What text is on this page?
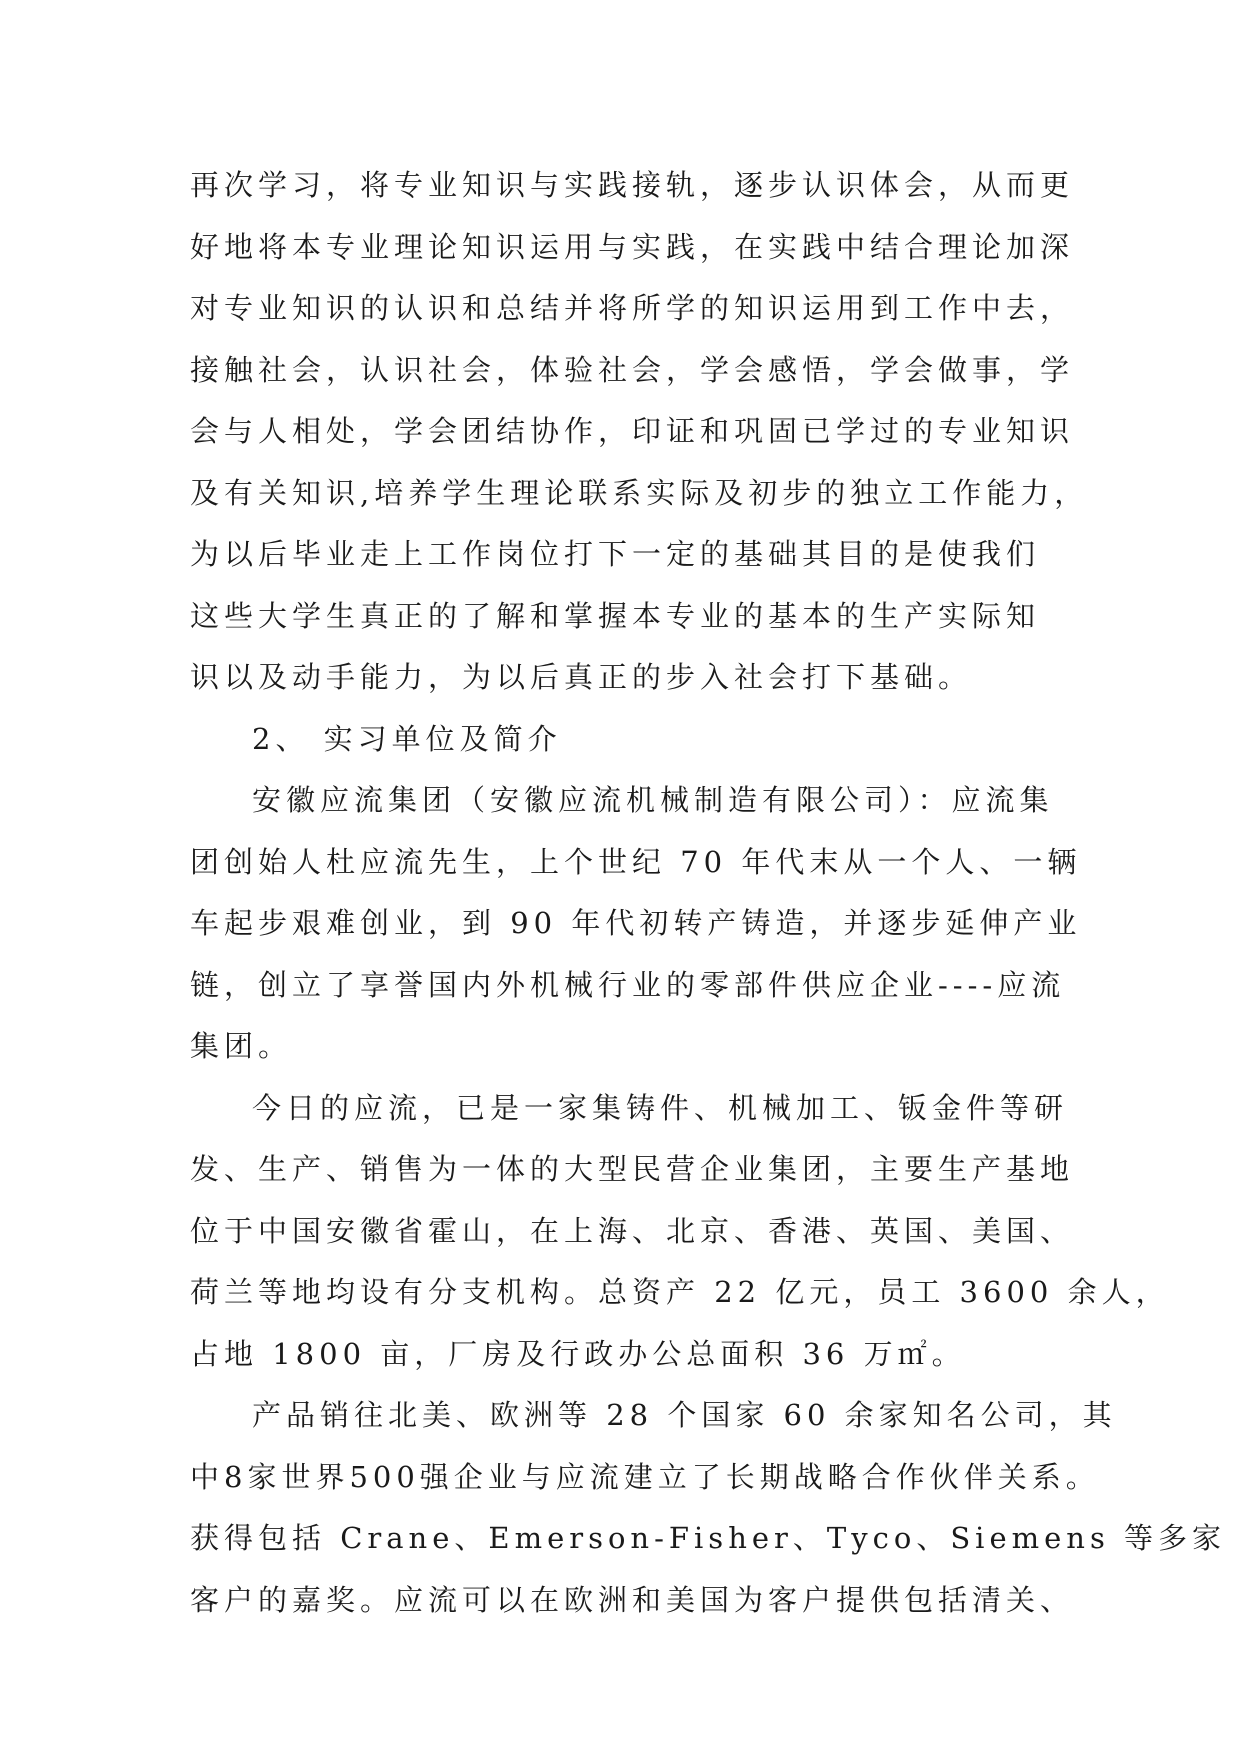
再次学习，将专业知识与实践接轨，逐步认识体会，从而更
好地将本专业理论知识运用与实践，在实践中结合理论加深
对专业知识的认识和总结并将所学的知识运用到工作中去，
接触社会，认识社会，体验社会，学会感悟，学会做事，学
会与人相处，学会团结协作，印证和巩固已学过的专业知识
及有关知识,培养学生理论联系实际及初步的独立工作能力，
为以后毕业走上工作岗位打下一定的基础其目的是使我们
这些大学生真正的了解和掌握本专业的基本的生产实际知
识以及动手能力，为以后真正的步入社会打下基础。
2、 实习单位及简介
安徽应流集团（安徽应流机械制造有限公司）：应流集
团创始人杜应流先生，上个世纪 70 年代末从一个人、一辆
车起步艰难创业，到 90 年代初转产铸造，并逐步延伸产业
链，创立了享誉国内外机械行业的零部件供应企业----应流
集团。
今日的应流，已是一家集铸件、机械加工、钣金件等研
发、生产、销售为一体的大型民营企业集团，主要生产基地
位于中国安徽省霍山，在上海、北京、香港、英国、美国、
荷兰等地均设有分支机构。总资产 22 亿元，员工 3600 余人，
占地 1800 亩，厂房及行政办公总面积 36 万㎡。
产品销往北美、欧洲等 28 个国家 60 余家知名公司，其
中8家世界500强企业与应流建立了长期战略合作伙伴关系。
获得包括 Crane、Emerson-Fisher、Tyco、Siemens 等多家
客户的嘉奖。应流可以在欧洲和美国为客户提供包括清关、
